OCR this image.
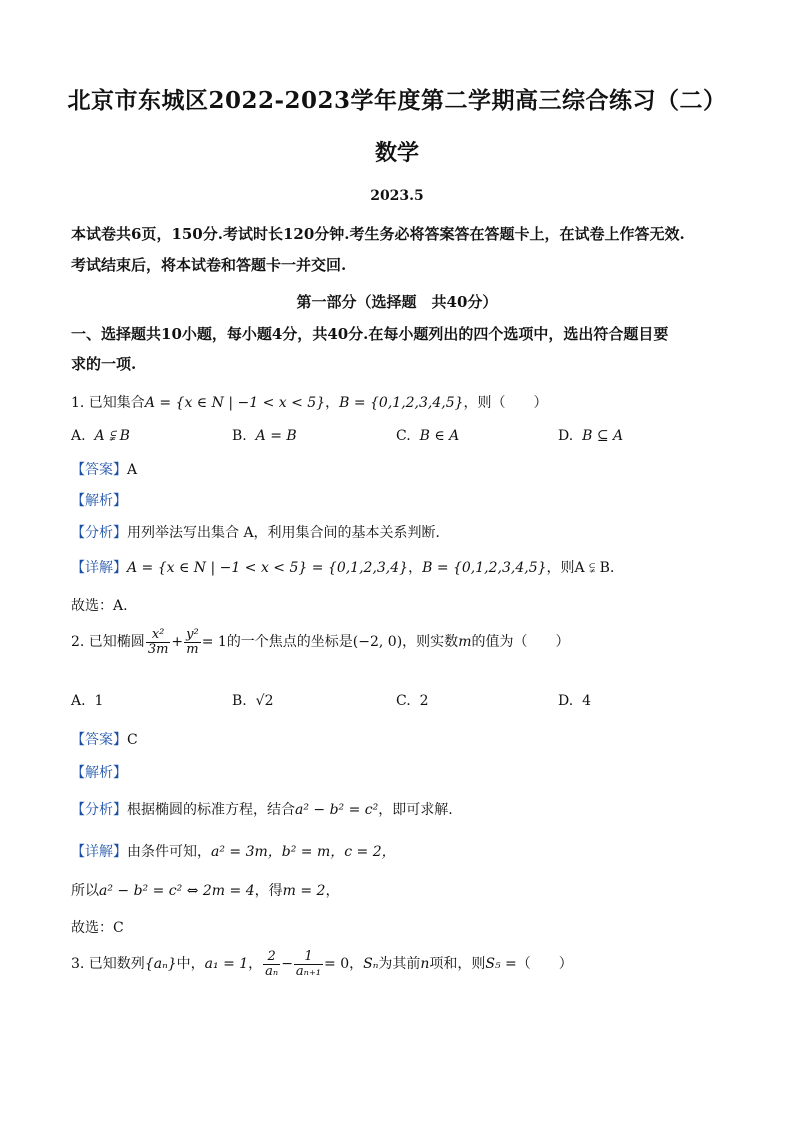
北京市东城区2022-2023学年度第二学期高三综合练习（二）
数学
2023.5
本试卷共6页，150分.考试时长120分钟.考生务必将答案答在答题卡上，在试卷上作答无效.
考试结束后，将本试卷和答题卡一并交回.
第一部分（选择题　共40分）
一、选择题共10小题，每小题4分，共40分.在每小题列出的四个选项中，选出符合题目要
求的一项.
1. 已知集合A = {x ∈ N | −1 < x < 5}，B = {0,1,2,3,4,5}，则（　　）
A. A ⫋ B	B. A = B	C. B ∈ A	D. B ⊆ A
【答案】A
【解析】
【分析】用列举法写出集合 A，利用集合间的基本关系判断．
【详解】A = {x ∈ N | −1 < x < 5} = {0,1,2,3,4}，B = {0,1,2,3,4,5}，则A ⫋ B．
故选：A.
2. 已知椭圆 $\frac{\text{x²}}{3m} + \frac{\text{y²}}{m} = 1$的一个焦点的坐标是(−2, 0)，则实数m的值为（　　）
A. 1	B. √2	C. 2	D. 4
【答案】C
【解析】
【分析】根据椭圆的标准方程，结合a² − b² = c²，即可求解.
【详解】由条件可知，a² = 3m，b² = m，c = 2，
所以a² − b² = c² ⇔ 2m = 4，得m = 2，
故选：C
3. 已知数列{aₙ}中，a₁ = 1， $\frac{2}{\text{aₙ}} - \frac{1}{\text{aₙ₊₁}} = 0$，Sₙ为其前n项和，则S₅ =（　　）
